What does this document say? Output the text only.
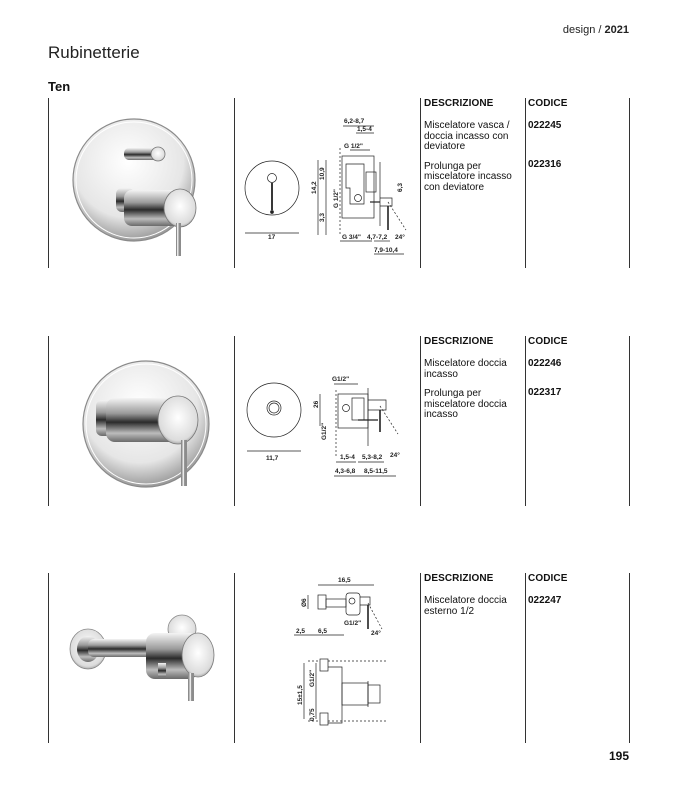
design / 2021
Rubinetterie
Ten
17
6,2-8,7
1,5-4
G 1/2"
14,2
10,9
3,3
G 1/2"
6,3
G 3/4" 4,7-7,2 24°
7,9-10,4
DESCRIZIONE
Miscelatore vasca / doccia incasso con deviatore
Prolunga per miscelatore incasso con deviatore
CODICE
022245
022316
11,7
G1/2"
26
G1/2"
1,5-4 5,3-8,2 24°
4,3-6,8 8,5-11,5
DESCRIZIONE
Miscelatore doccia incasso
Prolunga per miscelatore doccia incasso
CODICE
022246
022317
16,5
Ø6
2,5 6,5
G1/2"
24°
15±1,5
G1/2"
0,75
DESCRIZIONE
Miscelatore doccia esterno 1/2
CODICE
022247
195
